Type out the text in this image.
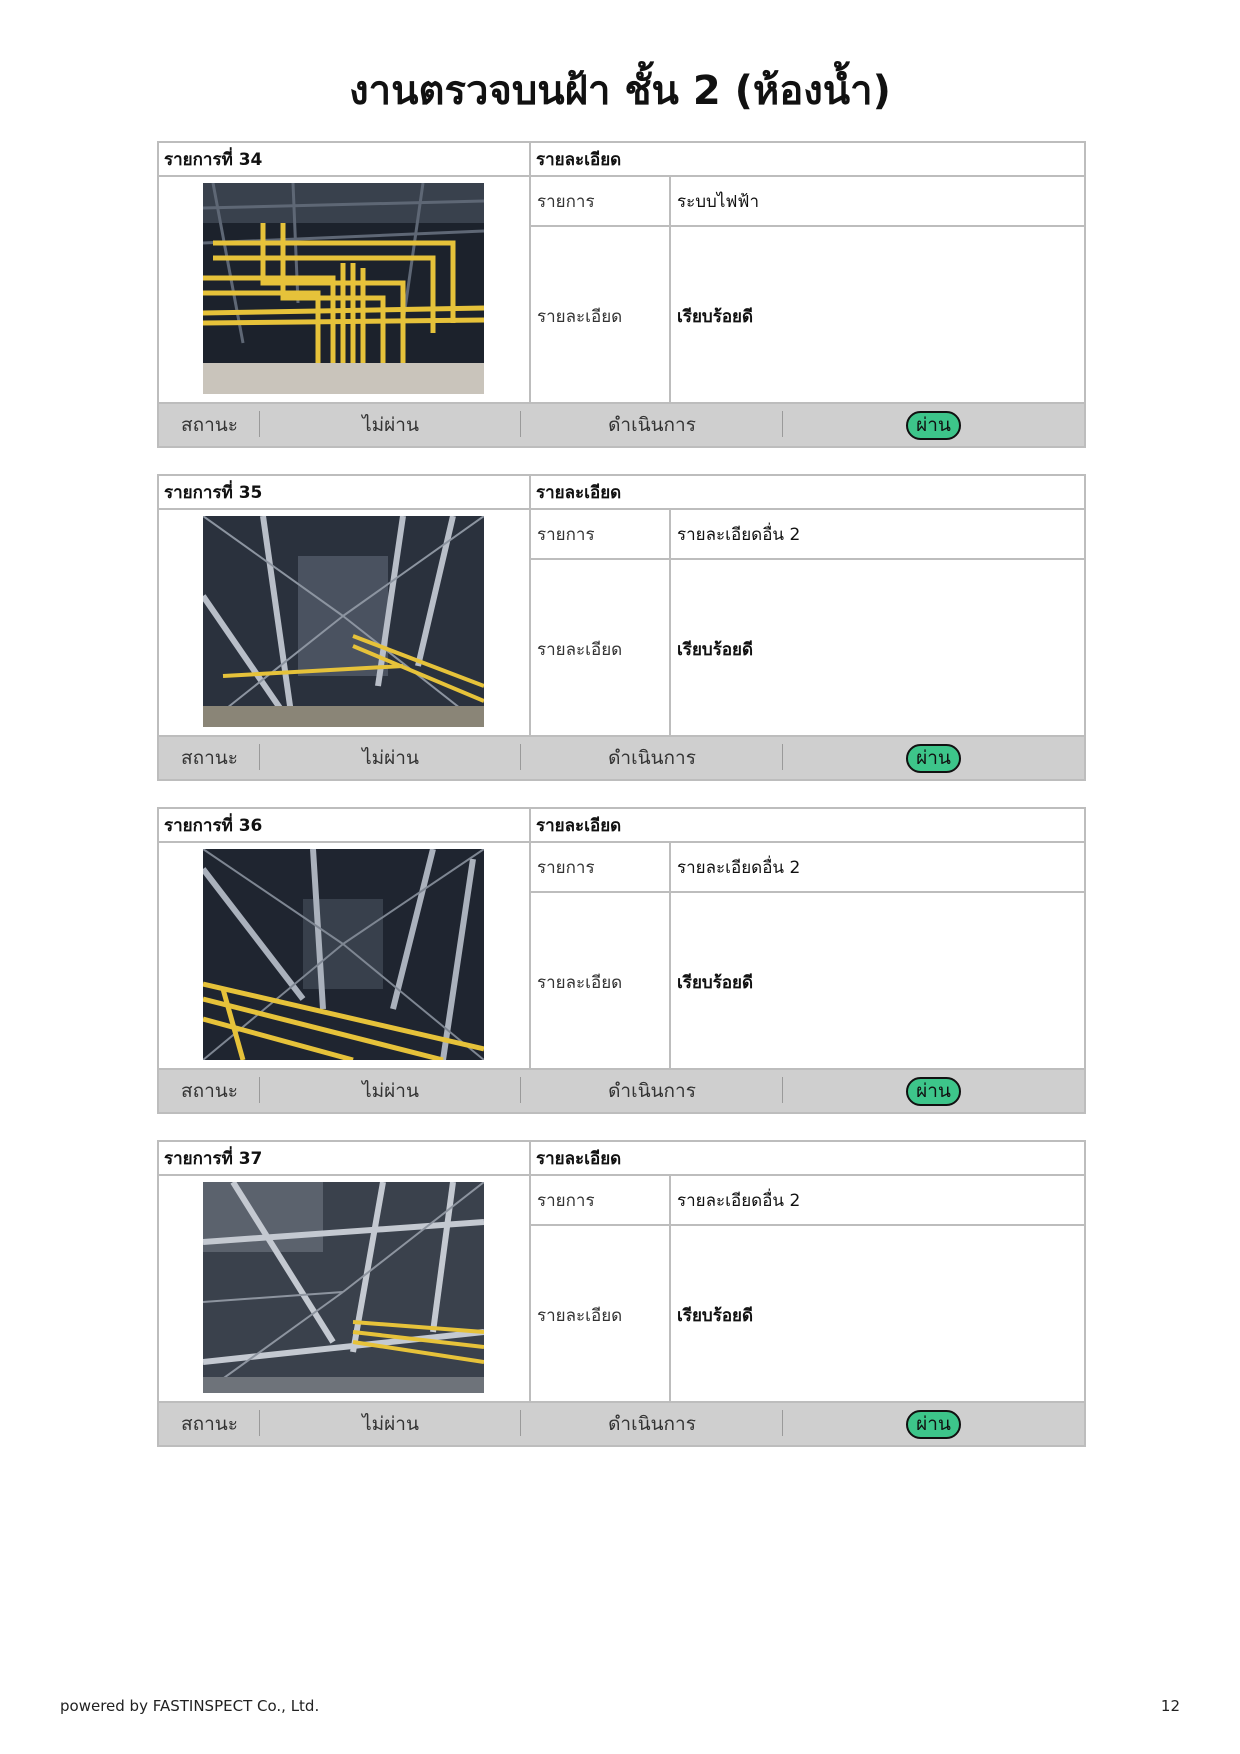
งานตรวจบนฝ้า ชั้น 2 (ห้องน้ำ)
รายการที่ 34	รายละเอียด
รายการ	ระบบไฟฟ้า
รายละเอียด	เรียบร้อยดี
สถานะ	ไม่ผ่าน	ดำเนินการ	ผ่าน
รายการที่ 35	รายละเอียด
รายการ	รายละเอียดอื่น 2
รายละเอียด	เรียบร้อยดี
สถานะ	ไม่ผ่าน	ดำเนินการ	ผ่าน
รายการที่ 36	รายละเอียด
รายการ	รายละเอียดอื่น 2
รายละเอียด	เรียบร้อยดี
สถานะ	ไม่ผ่าน	ดำเนินการ	ผ่าน
รายการที่ 37	รายละเอียด
รายการ	รายละเอียดอื่น 2
รายละเอียด	เรียบร้อยดี
สถานะ	ไม่ผ่าน	ดำเนินการ	ผ่าน
powered by FASTINSPECT Co., Ltd.	12
